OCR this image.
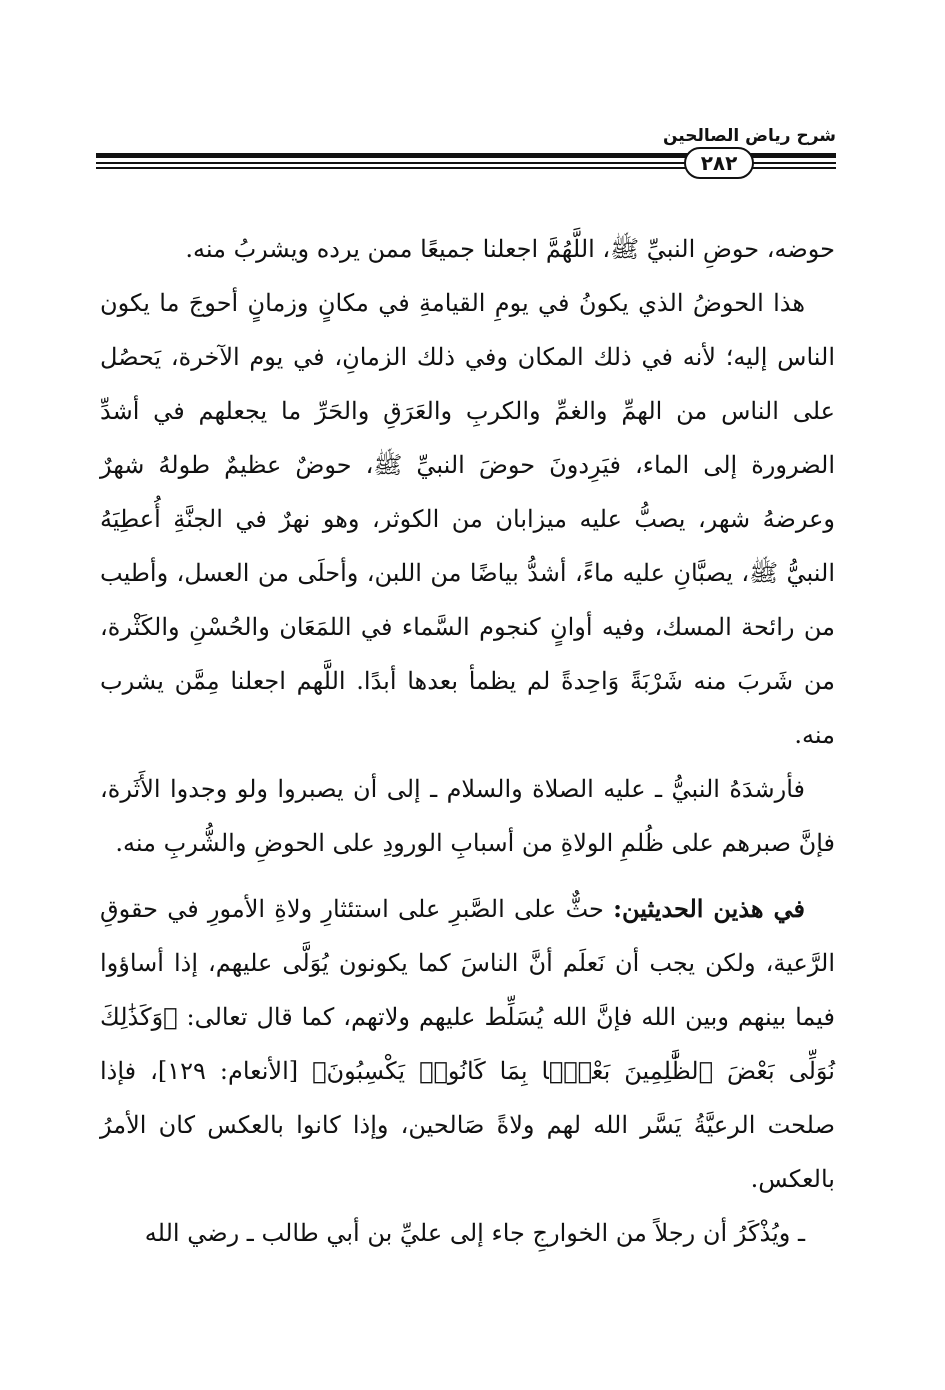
شرح رياض الصالحين
٢٨٢

حوضه، حوضِ النبيِّ ﷺ، اللَّهُمَّ اجعلنا جميعًا ممن يرده ويشربُ منه.

هذا الحوضُ الذي يكونُ في يومِ القيامةِ في مكانٍ وزمانٍ أحوجَ ما يكون الناس إليه؛ لأنه في ذلك المكان وفي ذلك الزمانِ، في يوم الآخرة، يَحصُل على الناس من الهمِّ والغمِّ والكربِ والعَرَقِ والحَرِّ ما يجعلهم في أشدِّ الضرورة إلى الماء، فيَرِدونَ حوضَ النبيِّ ﷺ، حوضٌ عظيمٌ طولهُ شهرٌ وعرضهُ شهر، يصبُّ عليه ميزابان من الكوثر، وهو نهرٌ في الجنَّةِ أُعطِيَهُ النبيُّ ﷺ، يصبَّانِ عليه ماءً، أشدُّ بياضًا من اللبن، وأحلَى من العسل، وأطيب من رائحة المسك، وفيه أوانٍ كنجوم السَّماء في اللمَعَان والحُسْنِ والكَثْرة، من شَربَ منه شَرْبَةً وَاحِدةً لم يظمأ بعدها أبدًا. اللَّهم اجعلنا مِمَّن يشرب منه.

فأرشدَهُ النبيُّ ـ عليه الصلاة والسلام ـ إلى أن يصبروا ولو وجدوا الأَثَرة، فإنَّ صبرهم على ظُلمِ الولاةِ من أسبابِ الورودِ على الحوضِ والشُّربِ منه.

في هذين الحديثين: حثٌّ على الصَّبرِ على استئثارِ ولاةِ الأمورِ في حقوقِ الرَّعية، ولكن يجب أن نَعلَم أنَّ الناسَ كما يكونون يُوَلَّى عليهم، إذا أساؤوا فيما بينهم وبين الله فإنَّ الله يُسَلِّط عليهم ولاتهم، كما قال تعالى: ﴿وَكَذَٰلِكَ نُوَلِّى بَعْضَ ٱلظَّٰلِمِينَ بَعْضًۢا بِمَا كَانُوا۟ يَكْسِبُونَ﴾ [الأنعام: ١٢٩]، فإذا صلحت الرعيَّةُ يَسَّر الله لهم ولاةً صَالحين، وإذا كانوا بالعكس كان الأمرُ بالعكس.

ـ ويُذْكَرُ أن رجلاً من الخوارجِ جاء إلى عليِّ بن أبي طالب ـ رضي الله
